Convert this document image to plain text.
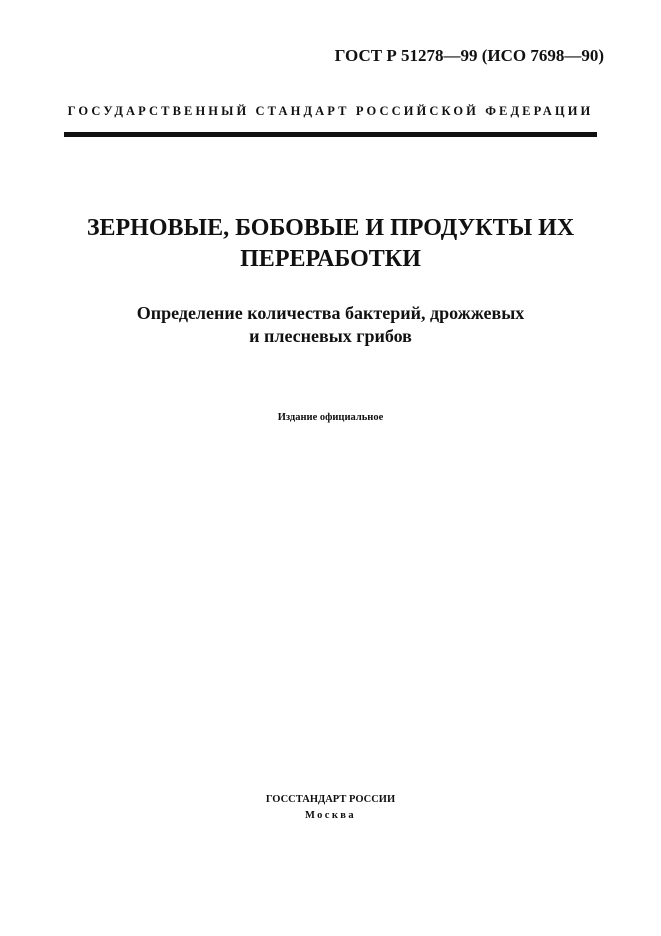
ГОСТ Р 51278—99 (ИСО 7698—90)
ГОСУДАРСТВЕННЫЙ СТАНДАРТ РОССИЙСКОЙ ФЕДЕРАЦИИ
ЗЕРНОВЫЕ, БОБОВЫЕ И ПРОДУКТЫ ИХ
ПЕРЕРАБОТКИ
Определение количества бактерий, дрожжевых
и плесневых грибов
Издание официальное
ГОССТАНДАРТ РОССИИ
Москва
